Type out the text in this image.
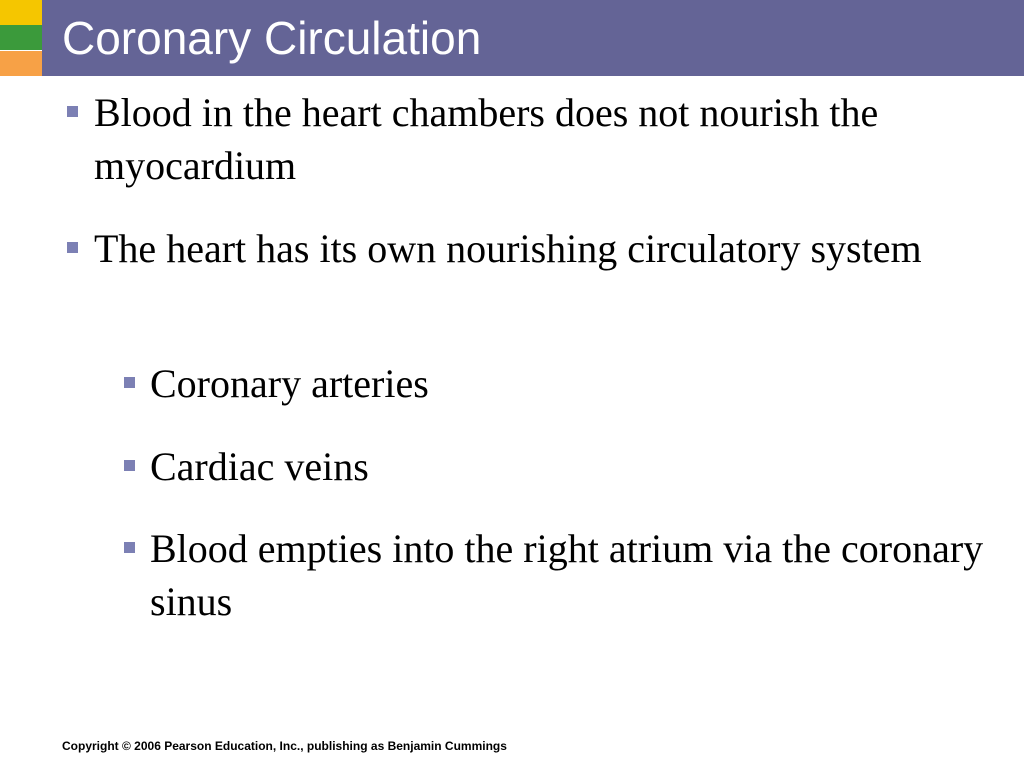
Coronary Circulation
Blood in the heart chambers does not nourish the myocardium
The heart has its own nourishing circulatory system
Coronary arteries
Cardiac veins
Blood empties into the right atrium via the coronary sinus

Copyright © 2006 Pearson Education, Inc., publishing as Benjamin Cummings
